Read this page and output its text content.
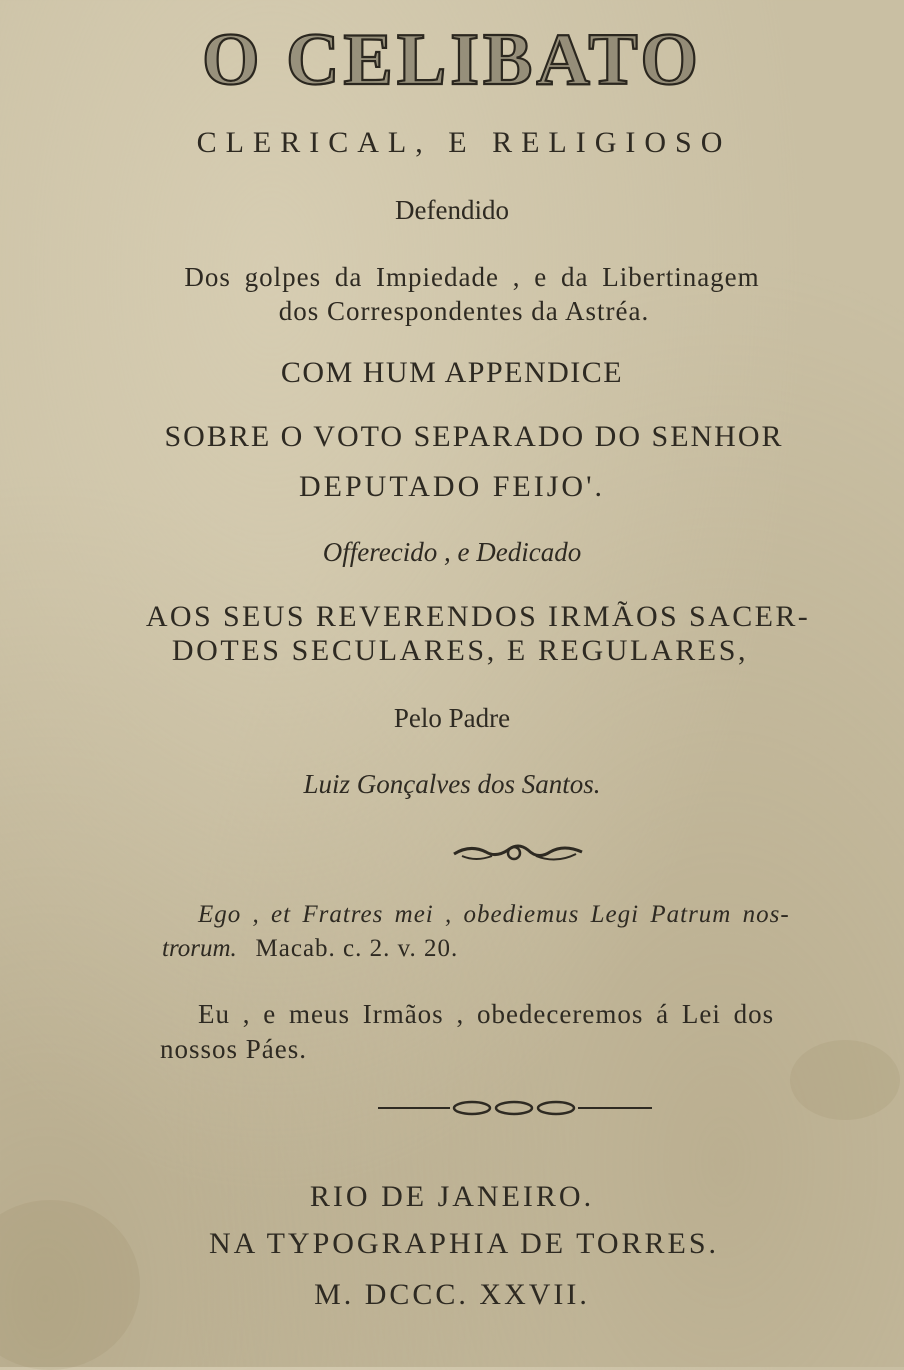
O CELIBATO
CLERICAL, E RELIGIOSO
Defendido
Dos golpes da Impiedade , e da Libertinagem
dos Correspondentes da Astréa.
COM HUM APPENDICE
SOBRE O VOTO SEPARADO DO SENHOR
DEPUTADO FEIJO'.
Offerecido , e Dedicado
AOS SEUS REVERENDOS IRMÃOS SACER-
DOTES SECULARES, E REGULARES,
Pelo Padre
Luiz Gonçalves dos Santos.
Ego , et Fratres mei , obediemus Legi Patrum nos-
trorum. Macab. c. 2. v. 20.
Eu , e meus Irmãos , obedeceremos á Lei dos
nossos Páes.
RIO DE JANEIRO.
NA TYPOGRAPHIA DE TORRES.
M. DCCC. XXVII.
